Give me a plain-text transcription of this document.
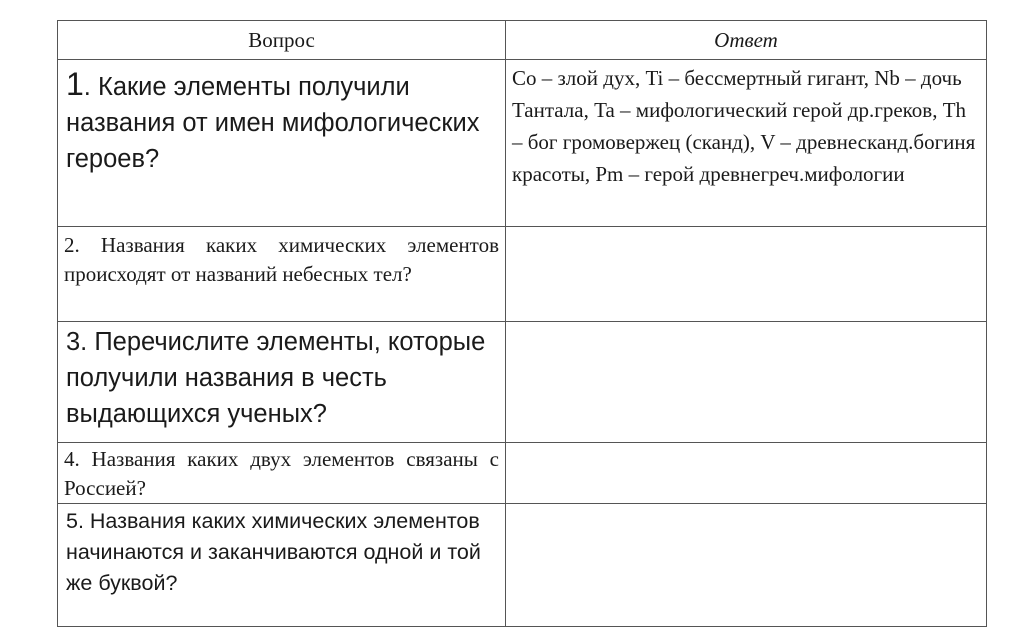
Вопрос	Ответ
1. Какие элементы получили названия от имен мифологических героев?	Co – злой дух, Ti – бессмертный гигант, Nb – дочь Тантала, Ta – мифологический герой др.греков, Th – бог громовержец (сканд), V – древнесканд.богиня красоты, Pm – герой древнегреч.мифологии
2. Названия каких химических элементов происходят от названий небесных тел?	
3. Перечислите элементы, которые получили названия в честь выдающихся ученых?	
4. Названия каких двух элементов связаны с Россией?	
5. Названия каких химических элементов начинаются и заканчиваются одной и той же буквой?	
